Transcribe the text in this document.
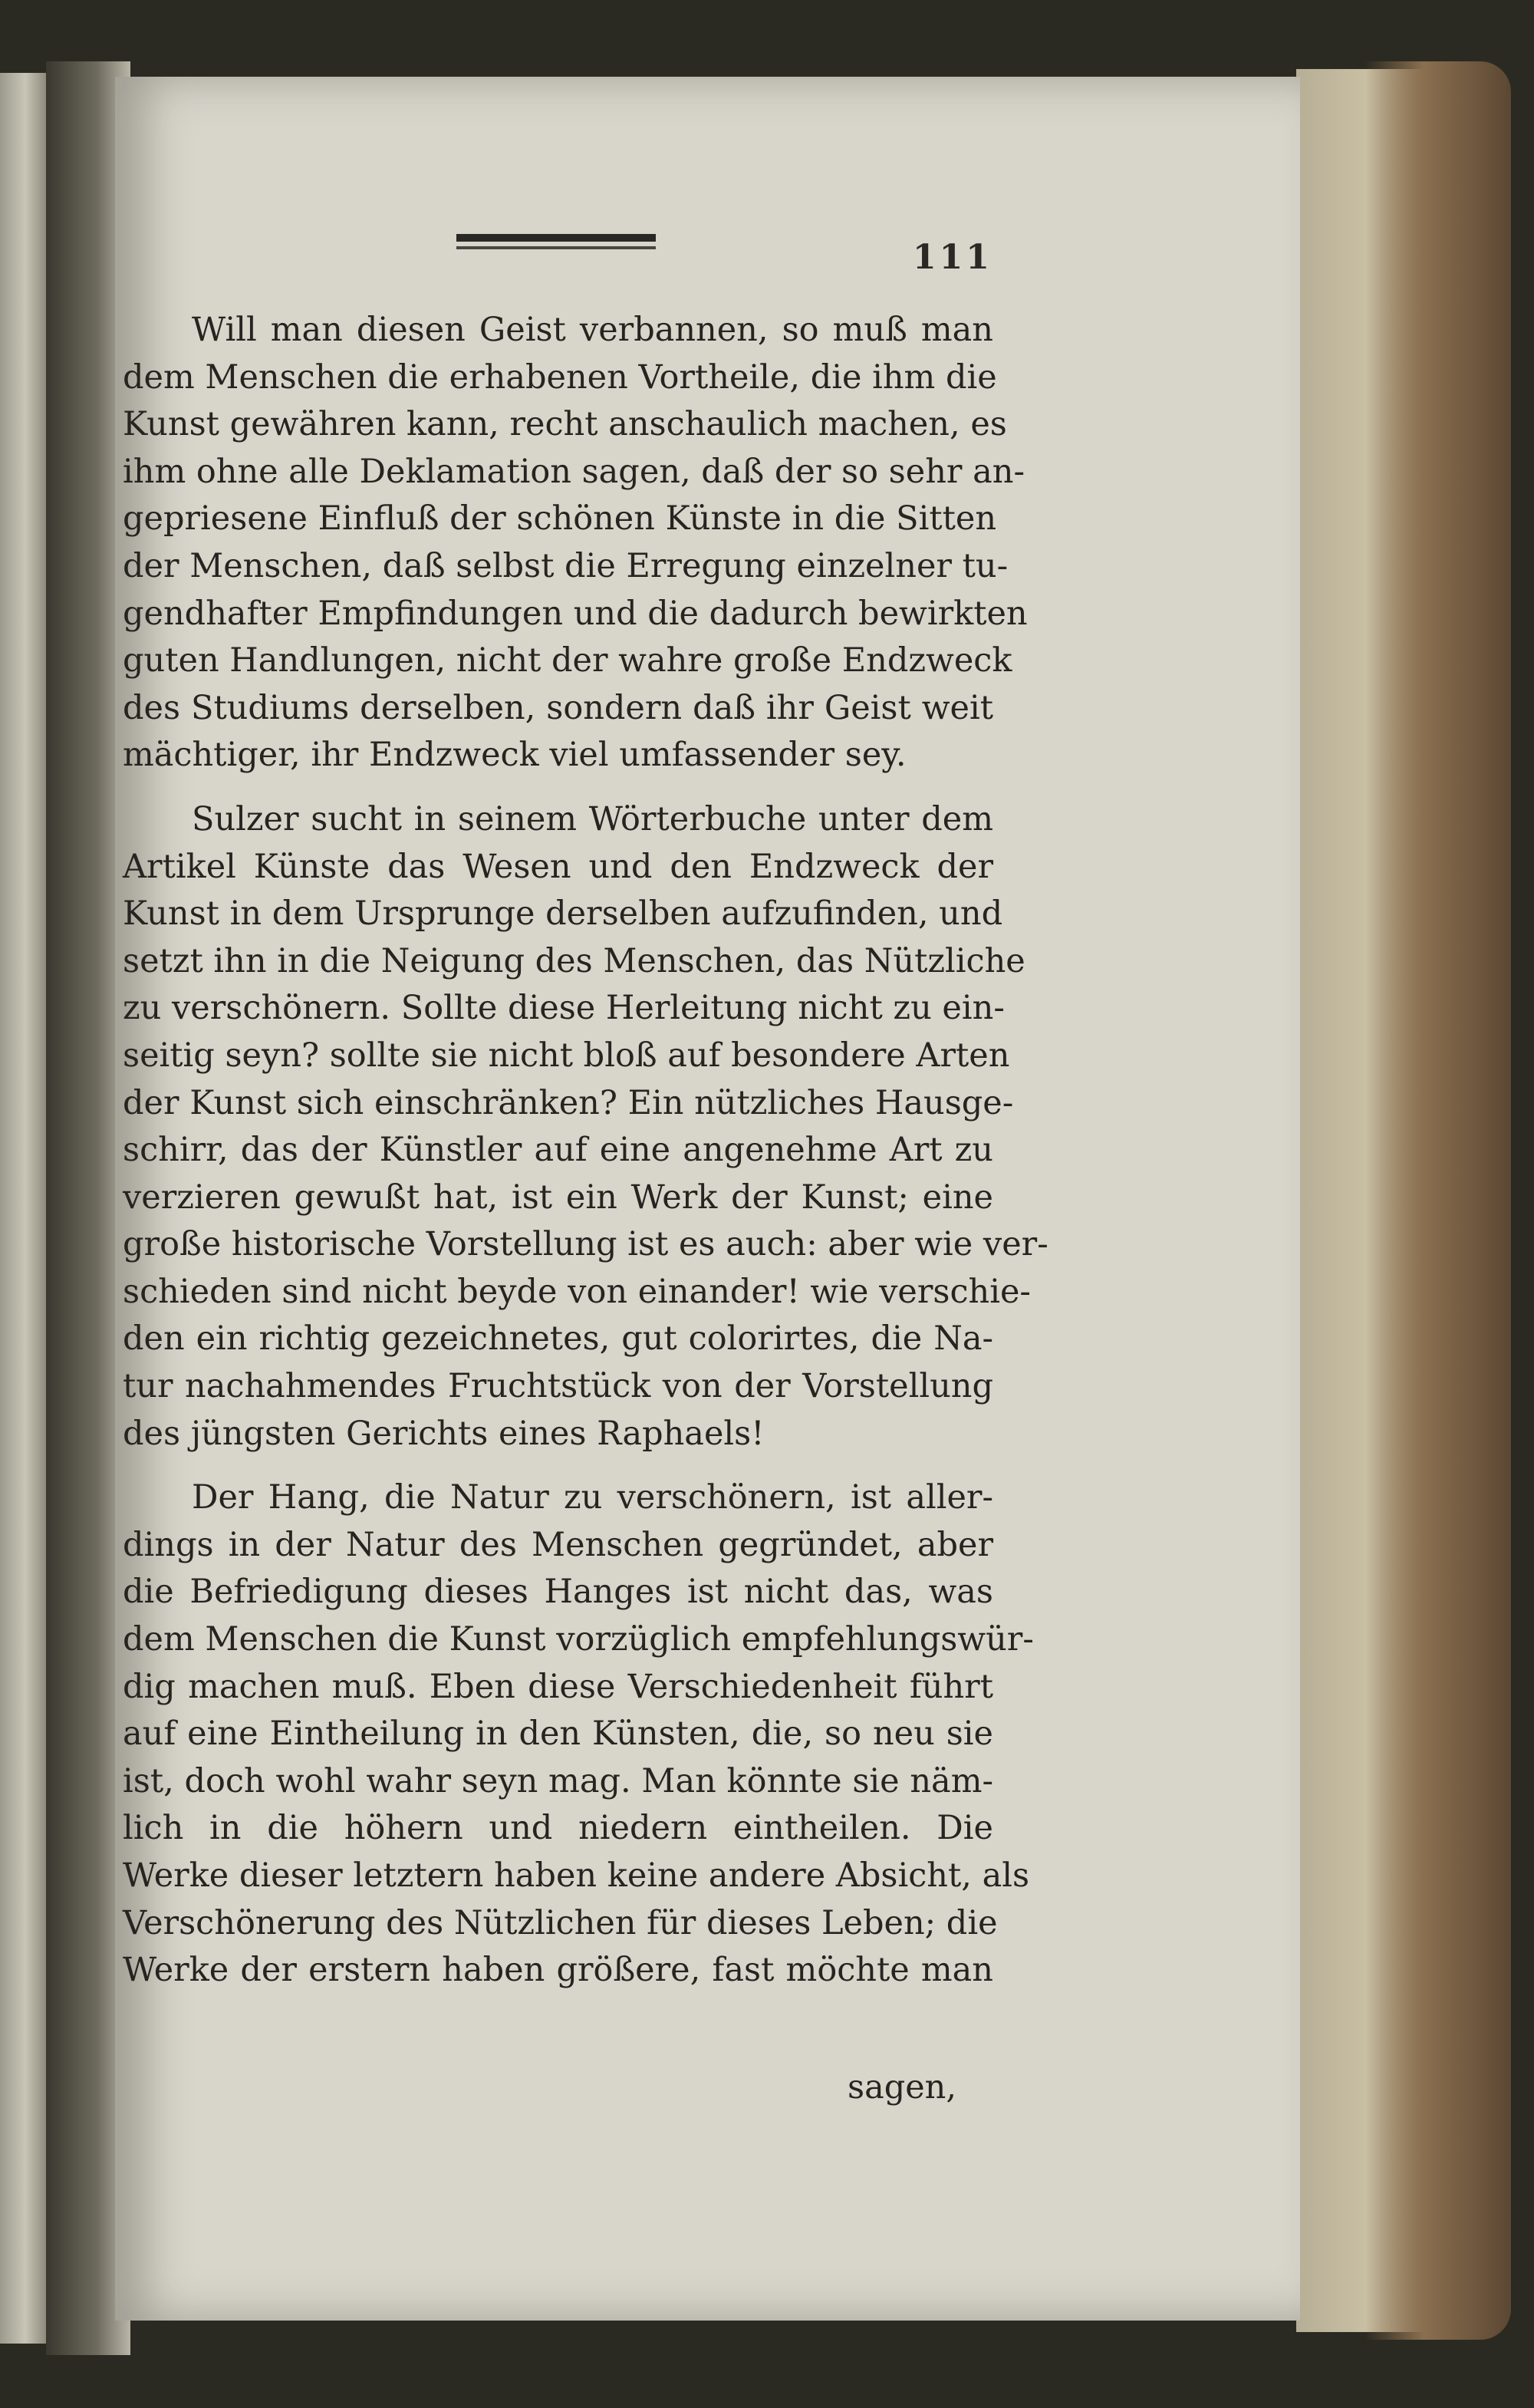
111
Will man diesen Geist verbannen, so muß man
dem Menschen die erhabenen Vortheile, die ihm die
Kunst gewähren kann, recht anschaulich machen, es
ihm ohne alle Deklamation sagen, daß der so sehr an-
gepriesene Einfluß der schönen Künste in die Sitten
der Menschen, daß selbst die Erregung einzelner tu-
gendhafter Empfindungen und die dadurch bewirkten
guten Handlungen, nicht der wahre große Endzweck
des Studiums derselben, sondern daß ihr Geist weit
mächtiger, ihr Endzweck viel umfassender sey.
Sulzer sucht in seinem Wörterbuche unter dem
Artikel Künste das Wesen und den Endzweck der
Kunst in dem Ursprunge derselben aufzufinden, und
setzt ihn in die Neigung des Menschen, das Nützliche
zu verschönern. Sollte diese Herleitung nicht zu ein-
seitig seyn? sollte sie nicht bloß auf besondere Arten
der Kunst sich einschränken? Ein nützliches Hausge-
schirr, das der Künstler auf eine angenehme Art zu
verzieren gewußt hat, ist ein Werk der Kunst; eine
große historische Vorstellung ist es auch: aber wie ver-
schieden sind nicht beyde von einander! wie verschie-
den ein richtig gezeichnetes, gut colorirtes, die Na-
tur nachahmendes Fruchtstück von der Vorstellung
des jüngsten Gerichts eines Raphaels!
Der Hang, die Natur zu verschönern, ist aller-
dings in der Natur des Menschen gegründet, aber
die Befriedigung dieses Hanges ist nicht das, was
dem Menschen die Kunst vorzüglich empfehlungswür-
dig machen muß. Eben diese Verschiedenheit führt
auf eine Eintheilung in den Künsten, die, so neu sie
ist, doch wohl wahr seyn mag. Man könnte sie näm-
lich in die höhern und niedern eintheilen. Die
Werke dieser letztern haben keine andere Absicht, als
Verschönerung des Nützlichen für dieses Leben; die
Werke der erstern haben größere, fast möchte man
sagen,
